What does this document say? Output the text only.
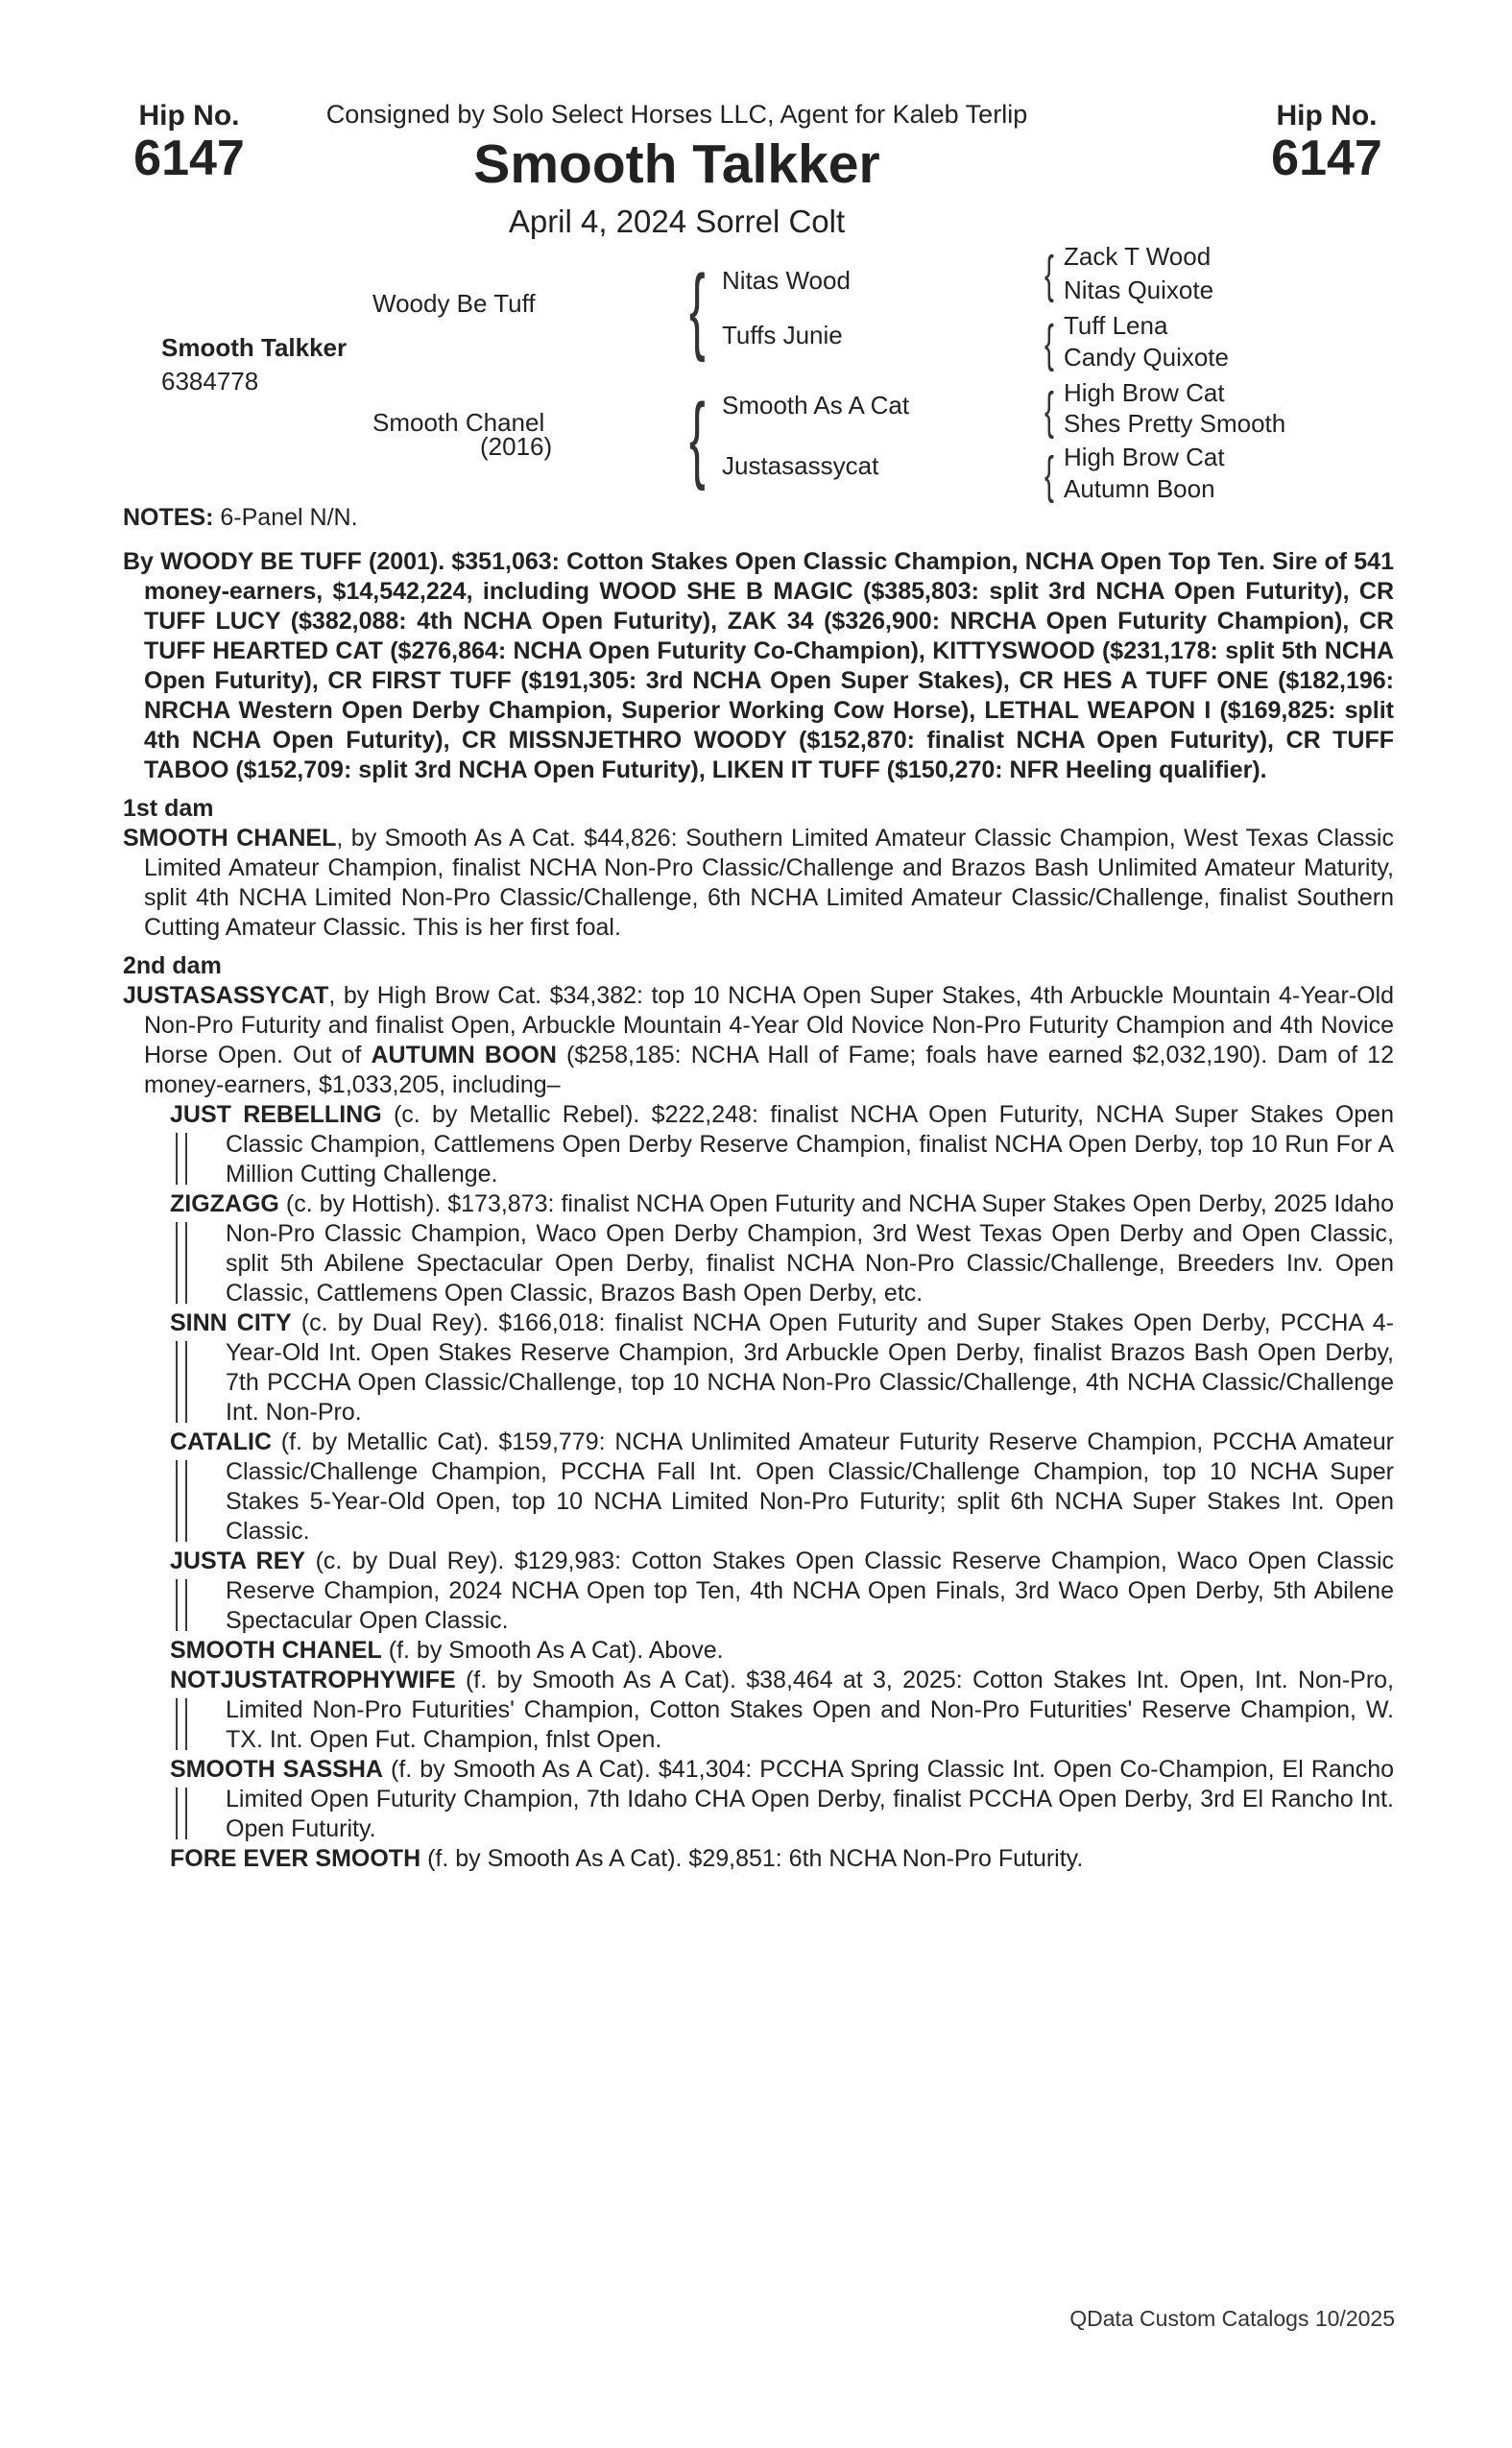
Hip No.
6147
Hip No.
6147
Consigned by Solo Select Horses LLC, Agent for Kaleb Terlip
Smooth Talkker
April 4, 2024 Sorrel Colt
Smooth Talkker
6384778
Woody Be Tuff
Smooth Chanel
(2016)
{
{
Nitas Wood
Tuffs Junie
Smooth As A Cat
Justasassycat
{
{
{
{
Zack T Wood
Nitas Quixote
Tuff Lena
Candy Quixote
High Brow Cat
Shes Pretty Smooth
High Brow Cat
Autumn Boon
NOTES: 6-Panel N/N.
By WOODY BE TUFF (2001). $351,063: Cotton Stakes Open Classic Champion, NCHA Open Top Ten. Sire of 541 money-earners, $14,542,224, including WOOD SHE B MAGIC ($385,803: split 3rd NCHA Open Futurity), CR TUFF LUCY ($382,088: 4th NCHA Open Futurity), ZAK 34 ($326,900: NRCHA Open Futurity Champion), CR TUFF HEARTED CAT ($276,864: NCHA Open Futurity Co-Champion), KITTYSWOOD ($231,178: split 5th NCHA Open Futurity), CR FIRST TUFF ($191,305: 3rd NCHA Open Super Stakes), CR HES A TUFF ONE ($182,196: NRCHA Western Open Derby Champion, Superior Working Cow Horse), LETHAL WEAPON I ($169,825: split 4th NCHA Open Futurity), CR MISSNJETHRO WOODY ($152,870: finalist NCHA Open Futurity), CR TUFF TABOO ($152,709: split 3rd NCHA Open Futurity), LIKEN IT TUFF ($150,270: NFR Heeling qualifier).
1st dam
SMOOTH CHANEL, by Smooth As A Cat. $44,826: Southern Limited Amateur Classic Champion, West Texas Classic Limited Amateur Champion, finalist NCHA Non-Pro Classic/Challenge and Brazos Bash Unlimited Amateur Maturity, split 4th NCHA Limited Non-Pro Classic/Challenge, 6th NCHA Limited Amateur Classic/Challenge, finalist Southern Cutting Amateur Classic. This is her first foal.
2nd dam
JUSTASASSYCAT, by High Brow Cat. $34,382: top 10 NCHA Open Super Stakes, 4th Arbuckle Mountain 4-Year-Old Non-Pro Futurity and finalist Open, Arbuckle Mountain 4-Year Old Novice Non-Pro Futurity Champion and 4th Novice Horse Open. Out of AUTUMN BOON ($258,185: NCHA Hall of Fame; foals have earned $2,032,190). Dam of 12 money-earners, $1,033,205, including–
JUST REBELLING (c. by Metallic Rebel). $222,248: finalist NCHA Open Futurity, NCHA Super Stakes Open Classic Champion, Cattlemens Open Derby Reserve Champion, finalist NCHA Open Derby, top 10 Run For A Million Cutting Challenge.
ZIGZAGG (c. by Hottish). $173,873: finalist NCHA Open Futurity and NCHA Super Stakes Open Derby, 2025 Idaho Non-Pro Classic Champion, Waco Open Derby Champion, 3rd West Texas Open Derby and Open Classic, split 5th Abilene Spectacular Open Derby, finalist NCHA Non-Pro Classic/Challenge, Breeders Inv. Open Classic, Cattlemens Open Classic, Brazos Bash Open Derby, etc.
SINN CITY (c. by Dual Rey). $166,018: finalist NCHA Open Futurity and Super Stakes Open Derby, PCCHA 4-Year-Old Int. Open Stakes Reserve Champion, 3rd Arbuckle Open Derby, finalist Brazos Bash Open Derby, 7th PCCHA Open Classic/Challenge, top 10 NCHA Non-Pro Classic/Challenge, 4th NCHA Classic/Challenge Int. Non-Pro.
CATALIC (f. by Metallic Cat). $159,779: NCHA Unlimited Amateur Futurity Reserve Champion, PCCHA Amateur Classic/Challenge Champion, PCCHA Fall Int. Open Classic/Challenge Champion, top 10 NCHA Super Stakes 5-Year-Old Open, top 10 NCHA Limited Non-Pro Futurity; split 6th NCHA Super Stakes Int. Open Classic.
JUSTA REY (c. by Dual Rey). $129,983: Cotton Stakes Open Classic Reserve Champion, Waco Open Classic Reserve Champion, 2024 NCHA Open top Ten, 4th NCHA Open Finals, 3rd Waco Open Derby, 5th Abilene Spectacular Open Classic.
SMOOTH CHANEL (f. by Smooth As A Cat). Above.
NOTJUSTATROPHYWIFE (f. by Smooth As A Cat). $38,464 at 3, 2025: Cotton Stakes Int. Open, Int. Non-Pro, Limited Non-Pro Futurities' Champion, Cotton Stakes Open and Non-Pro Futurities' Reserve Champion, W. TX. Int. Open Fut. Champion, fnlst Open.
SMOOTH SASSHA (f. by Smooth As A Cat). $41,304: PCCHA Spring Classic Int. Open Co-Champion, El Rancho Limited Open Futurity Champion, 7th Idaho CHA Open Derby, finalist PCCHA Open Derby, 3rd El Rancho Int. Open Futurity.
FORE EVER SMOOTH (f. by Smooth As A Cat). $29,851: 6th NCHA Non-Pro Futurity.
QData Custom Catalogs 10/2025
